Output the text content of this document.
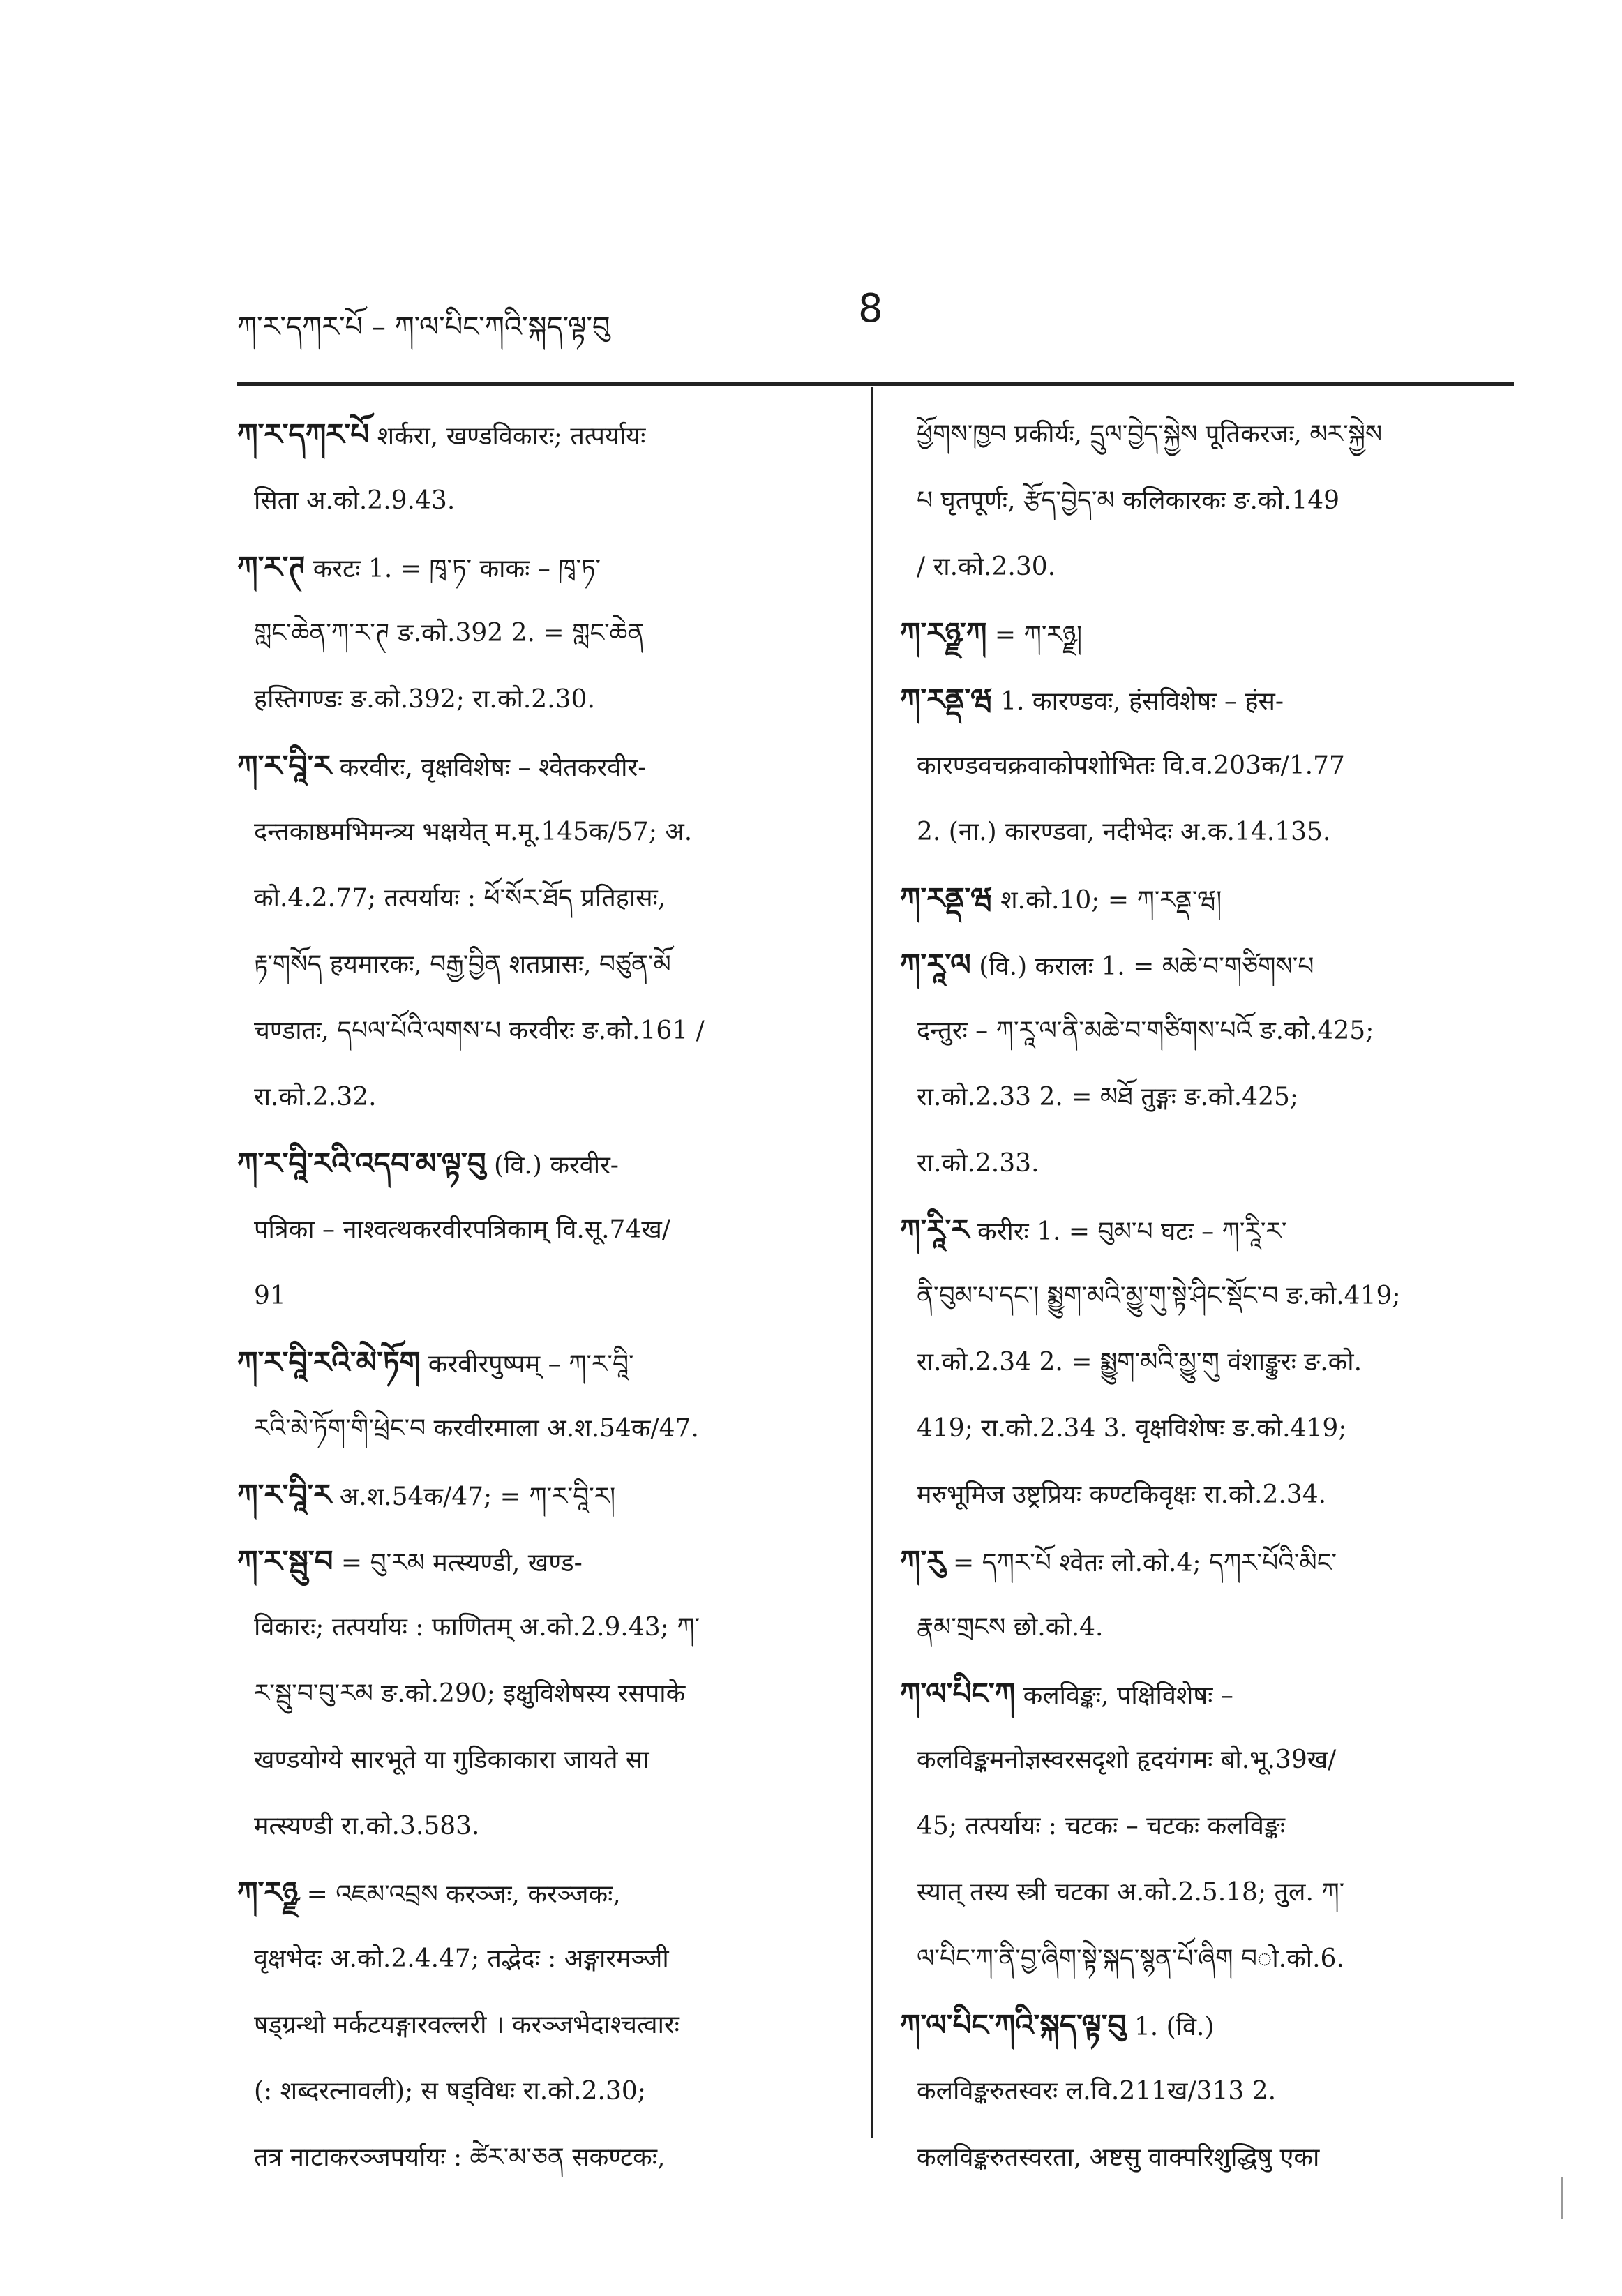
ཀ་ར་དཀར་པོ – ཀ་ལ་པིང་ཀའི་སྐད་ལྟ་བུ	8
ཀ་ར་དཀར་པོ शर्करा, खण्डविकारः; तत्पर्यायः
सिता अ.को.2.9.43.
ཀ་ར་ཊ करटः 1. = ཁྭ་ཏ་ काकः – ཁྭ་ཏ་
གླང་ཆེན་ཀ་ར་ཊ ङ.को.392 2. = གླང་ཆེན
हस्तिगण्डः ङ.को.392; रा.को.2.30.
ཀ་ར་བཱི་ར करवीरः, वृक्षविशेषः – श्वेतकरवीर-
दन्तकाष्ठमभिमन्त्र्य भक्षयेत् म.मू.145क/57; अ.
को.4.2.77; तत्पर्यायः : ཕོ་སོར་ཐོད प्रतिहासः,
རྟ་གསོད हयमारकः, བརྒྱ་བྱིན शतप्रासः, བཙུན་མོ
चण्डातः, དཔལ་པོའི་ལགས་པ करवीरः ङ.को.161 /
रा.को.2.32.
ཀ་ར་བཱི་རའི་འདབ་མ་ལྟ་བུ (वि.) करवीर-
पत्रिका – नाश्वत्थकरवीरपत्रिकाम् वि.सू.74ख/
91
ཀ་ར་བཱི་རའི་མེ་ཏོག करवीरपुष्पम् – ཀ་ར་བཱི་
རའི་མེ་ཏོག་གི་ཕྲེང་བ करवीरमाला अ.श.54क/47.
ཀ་ར་བཱི་ར अ.श.54क/47; = ཀ་ར་བཱི་ར།
ཀ་ར་སྦུ་བ = བུ་རམ मत्स्यण्डी, खण्ड-
विकारः; तत्पर्यायः : फाणितम् अ.को.2.9.43; ཀ་
ར་སྦུ་བ་བུ་རམ ङ.को.290; इक्षुविशेषस्य रसपाके
खण्डयोग्ये सारभूते या गुडिकाकारा जायते सा
मत्स्यण्डी रा.को.3.583.
ཀ་རཉྫ = འཇམ་འབྲས करञ्जः, करञ्जकः,
वृक्षभेदः अ.को.2.4.47; तद्भेदः : अङ्गारमञ्जी
षड्ग्रन्थो मर्कटयङ्गारवल्लरी । करञ्जभेदाश्चत्वारः
(: शब्दरत्नावली); स षड्विधः रा.को.2.30;
तत्र नाटाकरञ्जपर्यायः : ཚེར་མ་ཅན सकण्टकः,
ཕྱོགས་ཁྱབ प्रकीर्यः, དྲུལ་བྱེད་སྐྱེས पूतिकरजः, མར་སྐྱེས
པ घृतपूर्णः, རྩོད་བྱེད་མ कलिकारकः ङ.को.149
/ रा.को.2.30.
ཀ་རཉྫ་ཀ = ཀ་རཉྫ།
ཀ་རནྡ་ཝ 1. कारण्डवः, हंसविशेषः – हंस-
कारण्डवचक्रवाकोपशोभितः वि.व.203क/1.77
2. (ना.) कारण्डवा, नदीभेदः अ.क.14.135.
ཀ་རནྡ་ཝ श.को.10; = ཀ་རནྡ་ཝ།
ཀ་རཱ་ལ (वि.) करालः 1. = མཆེ་བ་གཙིགས་པ
दन्तुरः – ཀ་རཱ་ལ་ནི་མཆེ་བ་གཙིགས་པའོ ङ.को.425;
रा.को.2.33 2. = མཐོ तुङ्गः ङ.को.425;
रा.को.2.33.
ཀ་རཱི་ར करीरः 1. = བུམ་པ घटः – ཀ་རཱི་ར་
ནི་བུམ་པ་དང་། སྨྱུག་མའི་མྱུ་གུ་སྟེ་ཤིང་སྡོང་བ ङ.को.419;
रा.को.2.34 2. = སྨྱུག་མའི་མྱུ་གུ वंशाङ्कुरः ङ.को.
419; रा.को.2.34 3. वृक्षविशेषः ङ.को.419;
मरुभूमिज उष्ट्रप्रियः कण्टकिवृक्षः रा.को.2.34.
ཀ་རུ = དཀར་པོ श्वेतः लो.को.4; དཀར་པོའི་མིང་
རྣམ་གྲངས छो.को.4.
ཀ་ལ་པིང་ཀ कलविङ्कः, पक्षिविशेषः –
कलविङ्कमनोज्ञस्वरसदृशो हृदयंगमः बो.भू.39ख/
45; तत्पर्यायः : चटकः – चटकः कलविङ्कः
स्यात् तस्य स्त्री चटका अ.को.2.5.18; तुल. ཀ་
ལ་པིང་ཀ་ནི་བྱ་ཞིག་སྟེ་སྐད་སྙན་པོ་ཞིག བो.को.6.
ཀ་ལ་པིང་ཀའི་སྐད་ལྟ་བུ 1. (वि.)
कलविङ्करुतस्वरः ल.वि.211ख/313 2.
कलविङ्करुतस्वरता, अष्टसु वाक्परिशुद्धिषु एका
